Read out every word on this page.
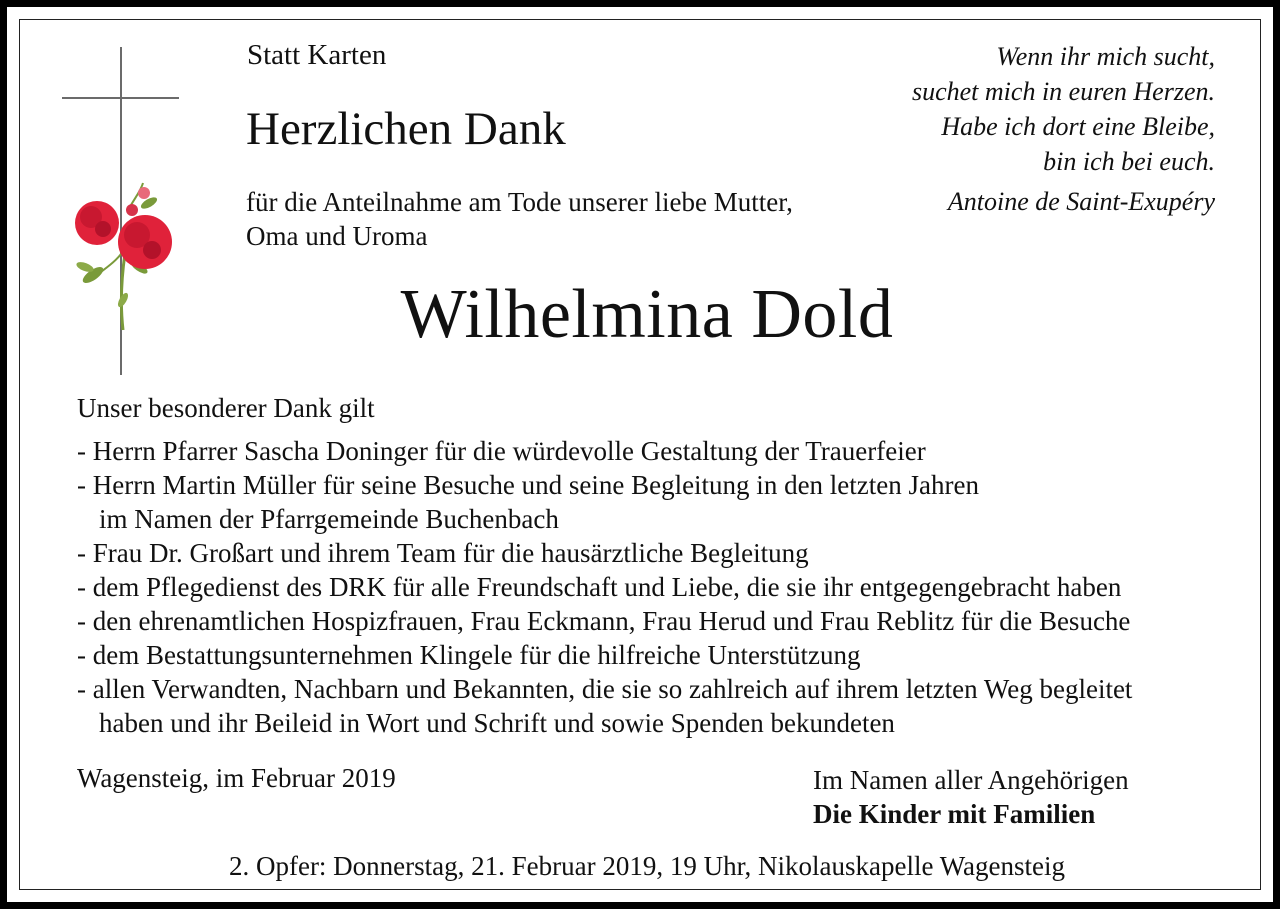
Statt Karten
Herzlichen Dank
für die Anteilnahme am Tode unserer liebe Mutter,
Oma und Uroma
Wenn ihr mich sucht,
suchet mich in euren Herzen.
Habe ich dort eine Bleibe,
bin ich bei euch.
Antoine de Saint-Exupéry
Wilhelmina Dold
Unser besonderer Dank gilt
- Herrn Pfarrer Sascha Doninger für die würdevolle Gestaltung der Trauerfeier
- Herrn Martin Müller für seine Besuche und seine Begleitung in den letzten Jahren
im Namen der Pfarrgemeinde Buchenbach
- Frau Dr. Großart und ihrem Team für die hausärztliche Begleitung
- dem Pflegedienst des DRK für alle Freundschaft und Liebe, die sie ihr entgegengebracht haben
- den ehrenamtlichen Hospizfrauen, Frau Eckmann, Frau Herud und Frau Reblitz für die Besuche
- dem Bestattungsunternehmen Klingele für die hilfreiche Unterstützung
- allen Verwandten, Nachbarn und Bekannten, die sie so zahlreich auf ihrem letzten Weg begleitet
haben und ihr Beileid in Wort und Schrift und sowie Spenden bekundeten
Wagensteig, im Februar 2019	Im Namen aller Angehörigen
Die Kinder mit Familien
2. Opfer: Donnerstag, 21. Februar 2019, 19 Uhr, Nikolauskapelle Wagensteig
